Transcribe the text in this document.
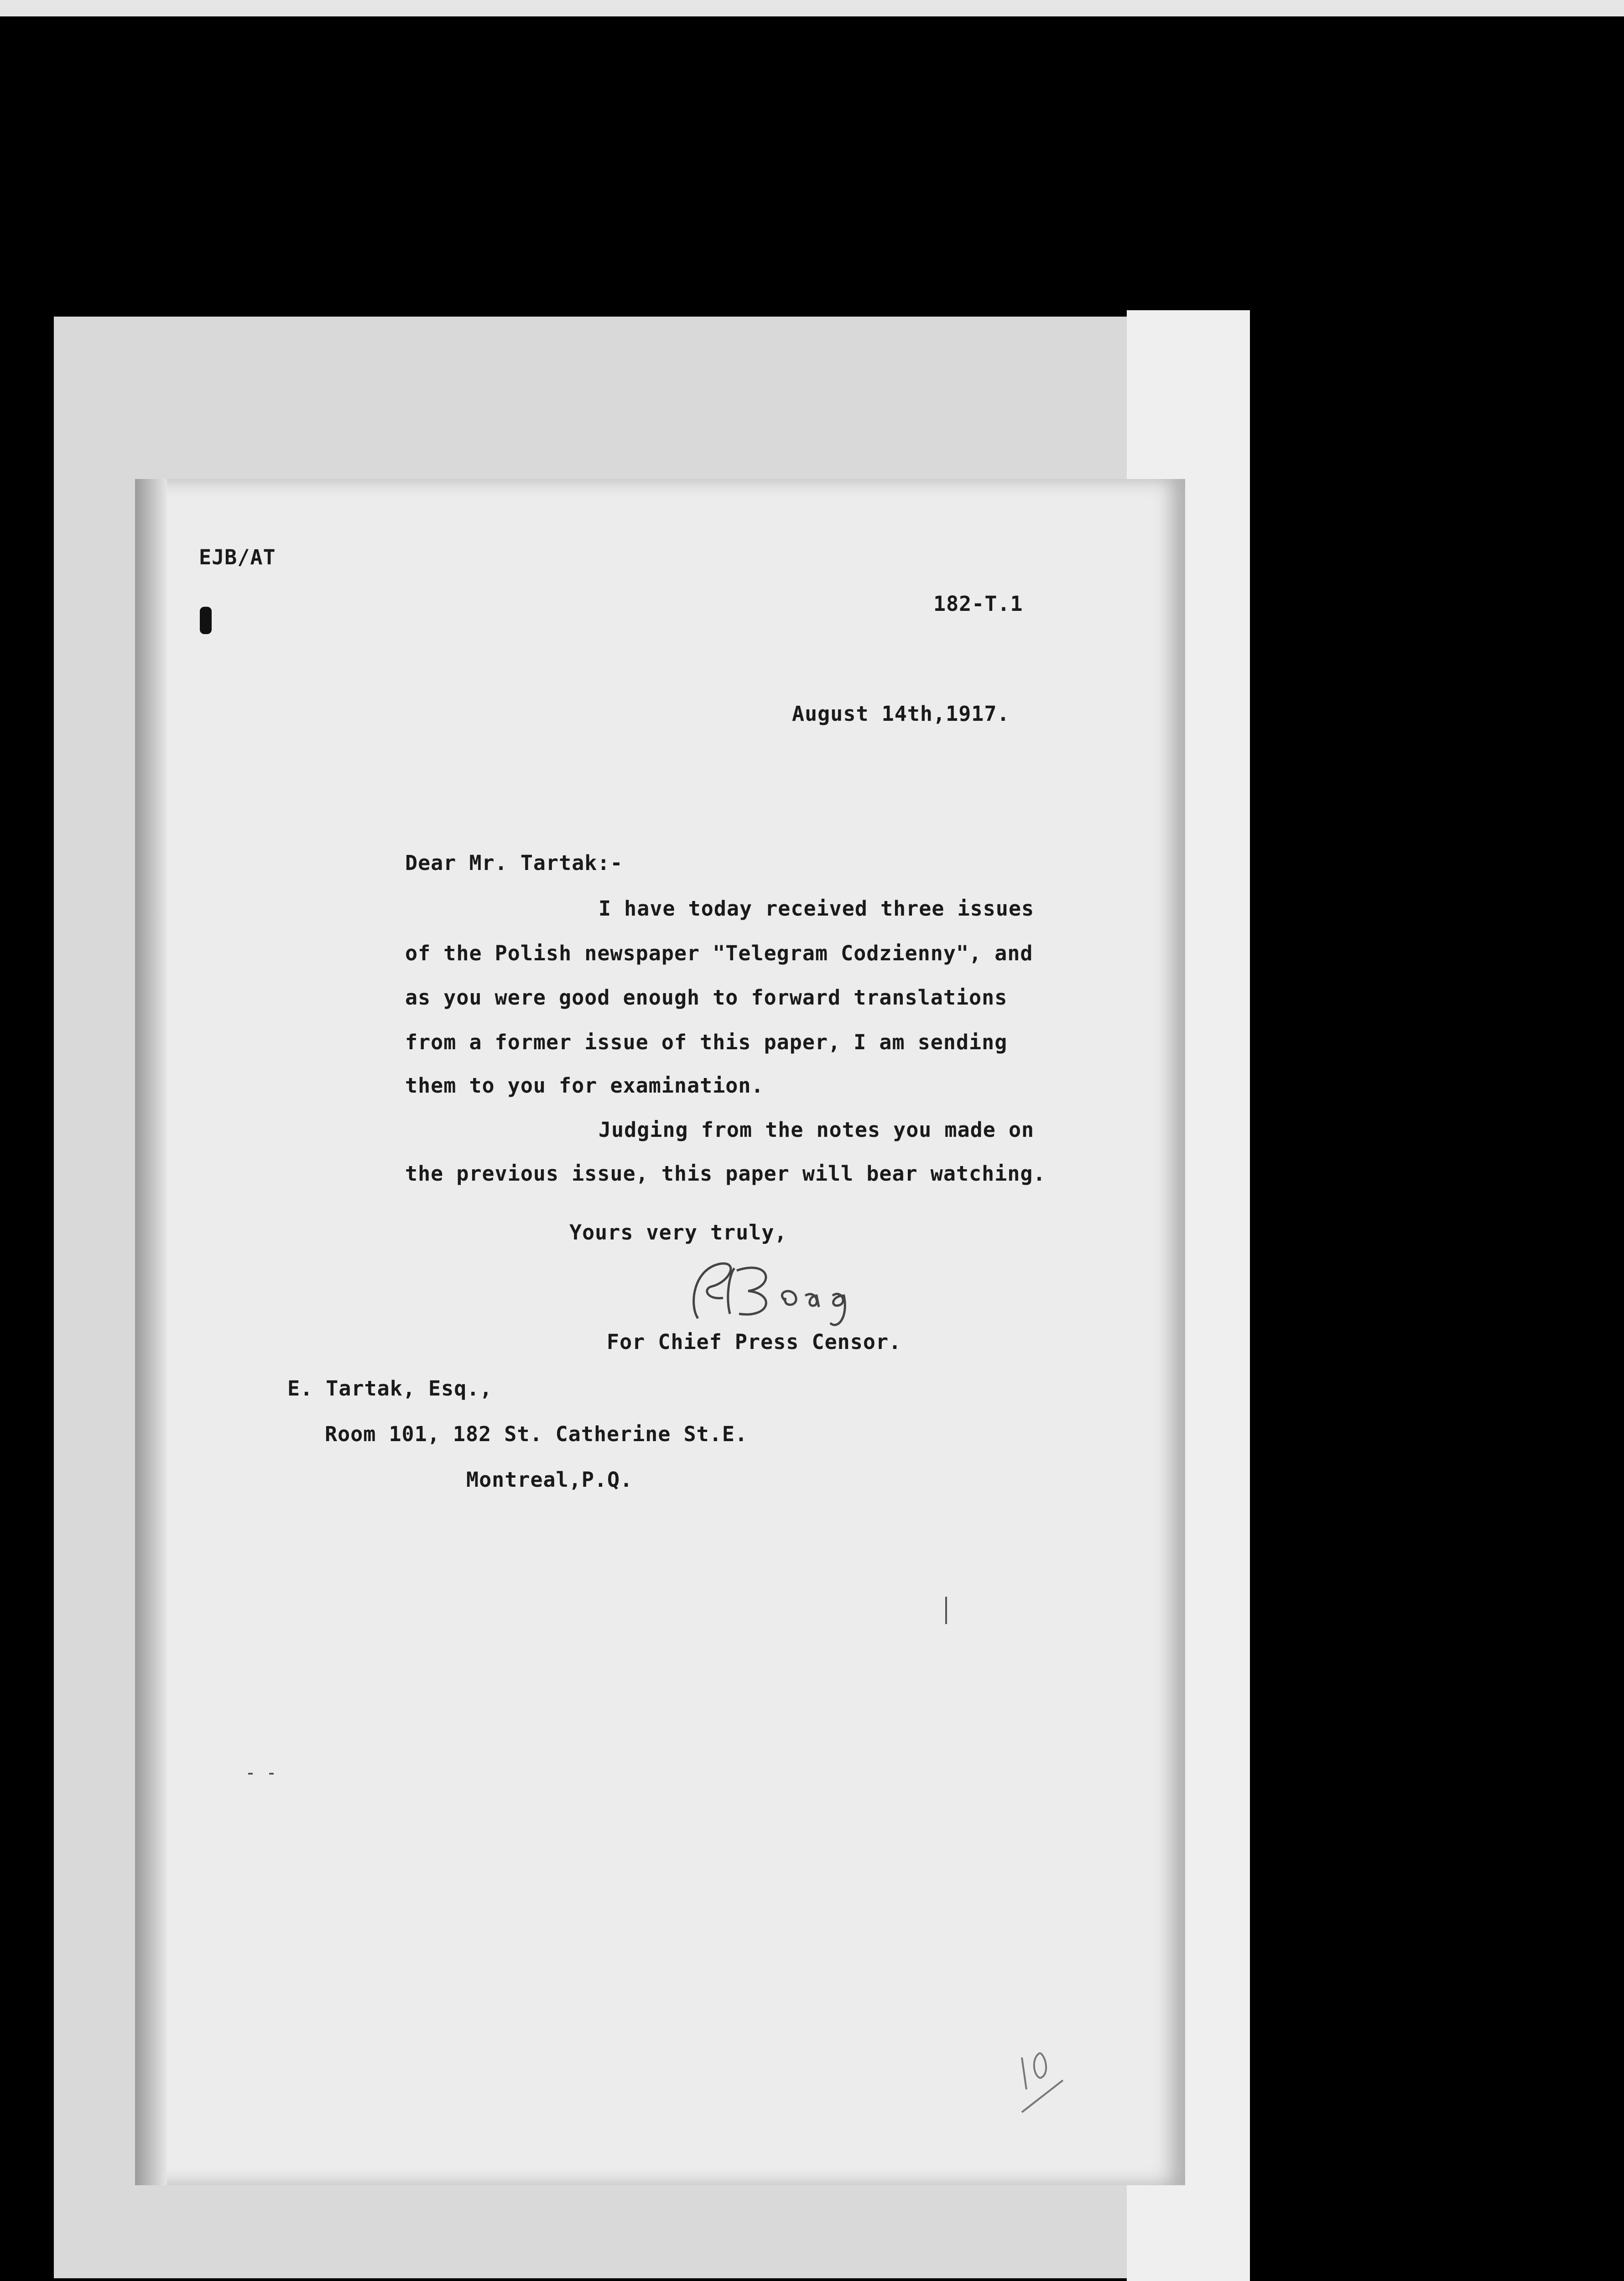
EJB/AT
182-T.1
August 14th,1917.
Dear Mr. Tartak:-
I have today received three issues
of the Polish newspaper "Telegram Codzienny", and
as you were good enough to forward translations
from a former issue of this paper, I am sending
them to you for examination.
Judging from the notes you made on
the previous issue, this paper will bear watching.
Yours very truly,
For Chief Press Censor.
E. Tartak, Esq.,
Room 101, 182 St. Catherine St.E.
Montreal,P.Q.
